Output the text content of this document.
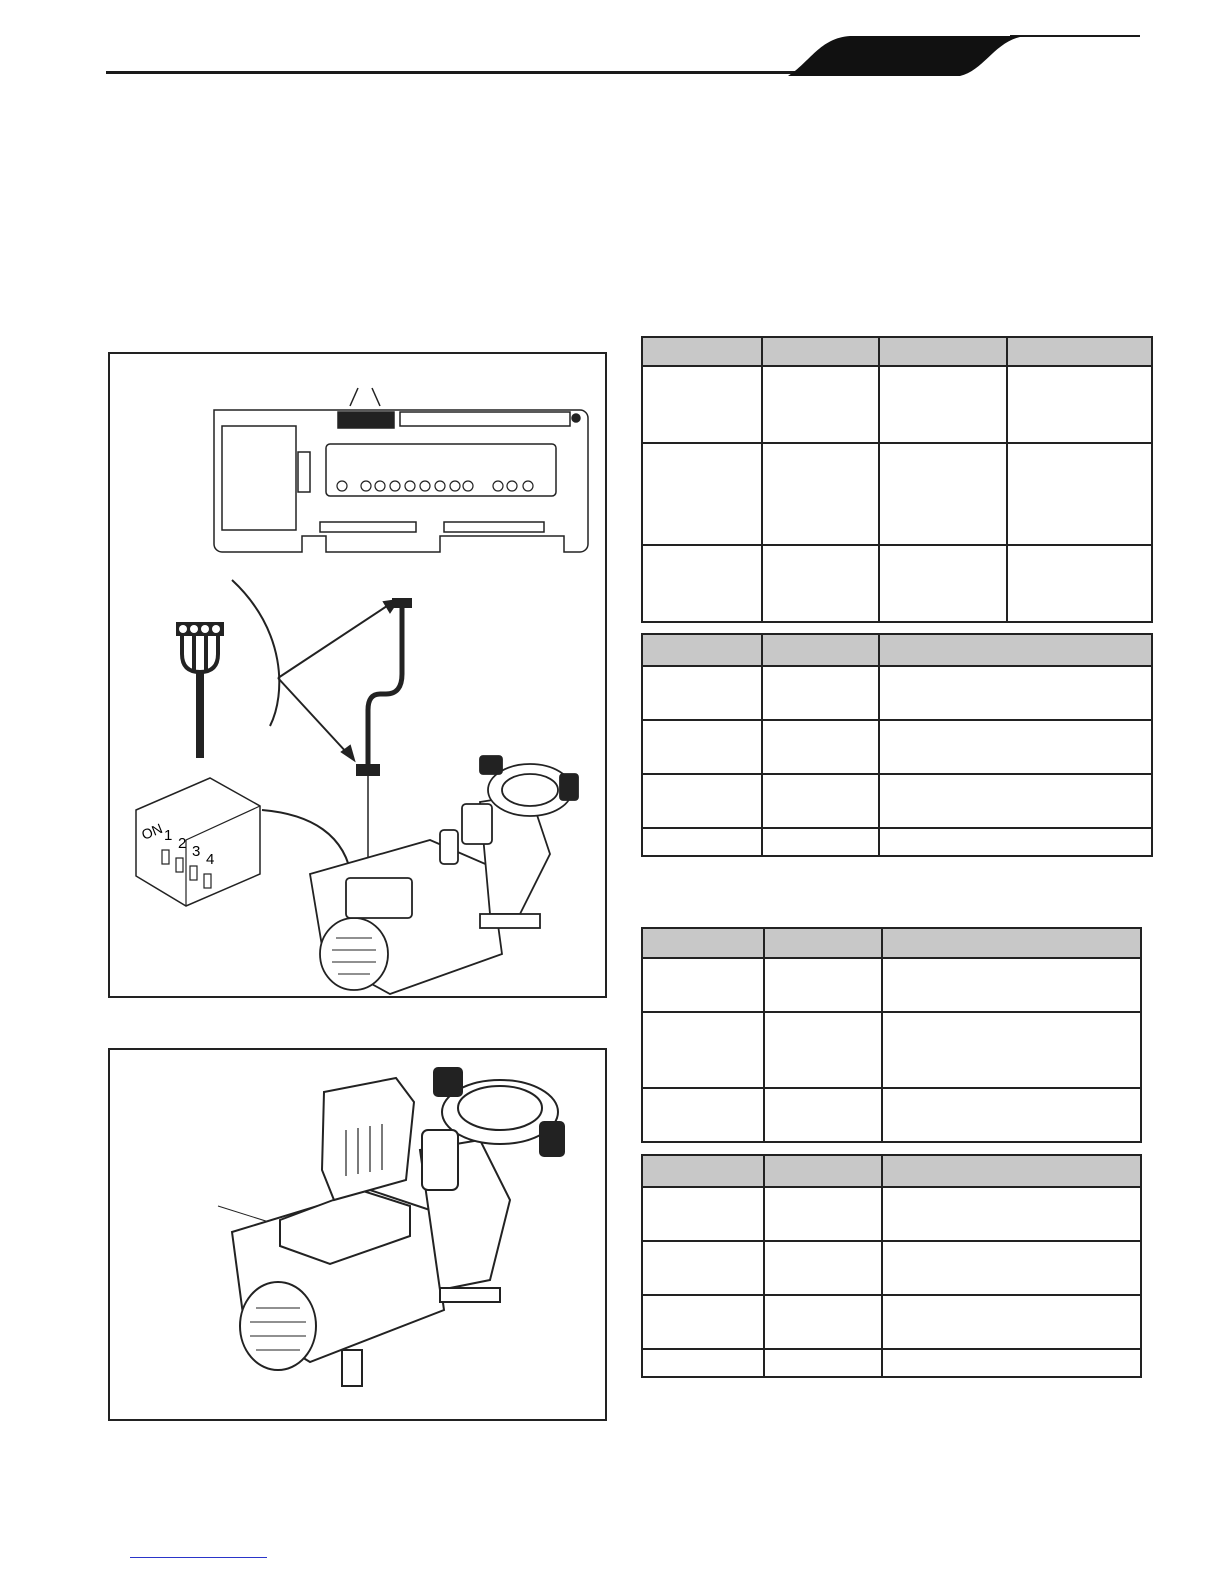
ON 1 2 3 4
